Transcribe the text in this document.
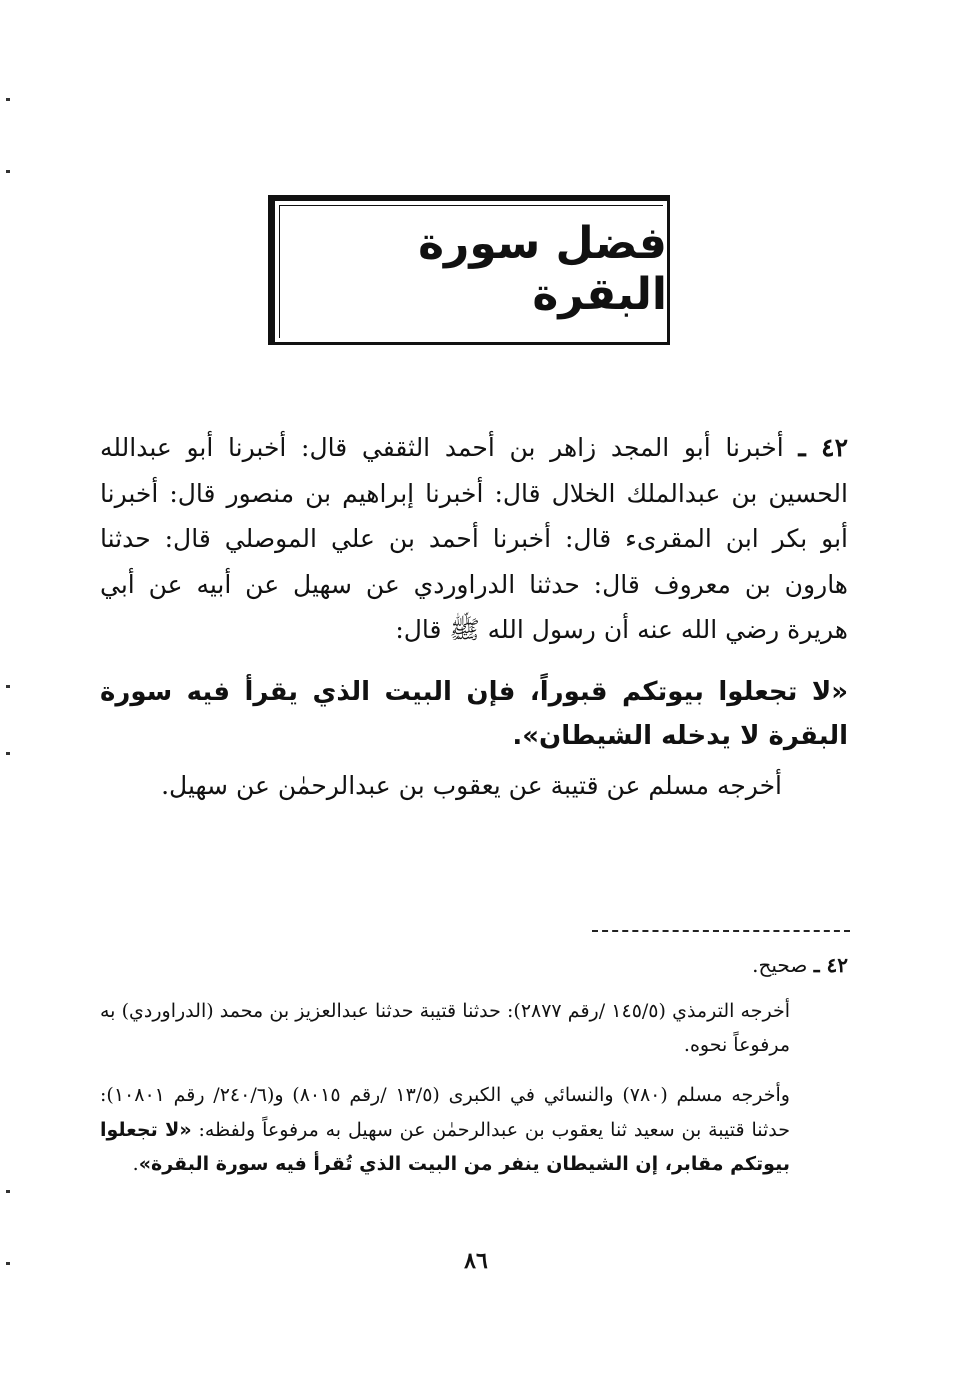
فضل سورة البقرة
٤٢ ـ أخبرنا أبو المجد زاهر بن أحمد الثقفي قال: أخبرنا أبو عبدالله الحسين بن عبدالملك الخلال قال: أخبرنا إبراهيم بن منصور قال: أخبرنا أبو بكر ابن المقرىء قال: أخبرنا أحمد بن علي الموصلي قال: حدثنا هارون بن معروف قال: حدثنا الدراوردي عن سهيل عن أبيه عن أبي هريرة رضي الله عنه أن رسول الله ﷺ قال:
«لا تجعلوا بيوتكم قبوراً، فإن البيت الذي يقرأ فيه سورة البقرة لا يدخله الشيطان».
أخرجه مسلم عن قتيبة عن يعقوب بن عبدالرحمٰن عن سهيل.
٤٢ ـ صحيح.
أخرجه الترمذي (١٤٥/٥ /رقم ٢٨٧٧): حدثنا قتيبة حدثنا عبدالعزيز بن محمد (الدراوردي) به مرفوعاً نحوه.
وأخرجه مسلم (٧٨٠) والنسائي في الكبرى (١٣/٥ /رقم ٨٠١٥) و(٢٤٠/٦/ رقم ١٠٨٠١): حدثنا قتيبة بن سعيد ثنا يعقوب بن عبدالرحمٰن عن سهيل به مرفوعاً ولفظه: «لا تجعلوا بيوتكم مقابر، إن الشيطان ينفر من البيت الذي تُقرأ فيه سورة البقرة».
٨٦
